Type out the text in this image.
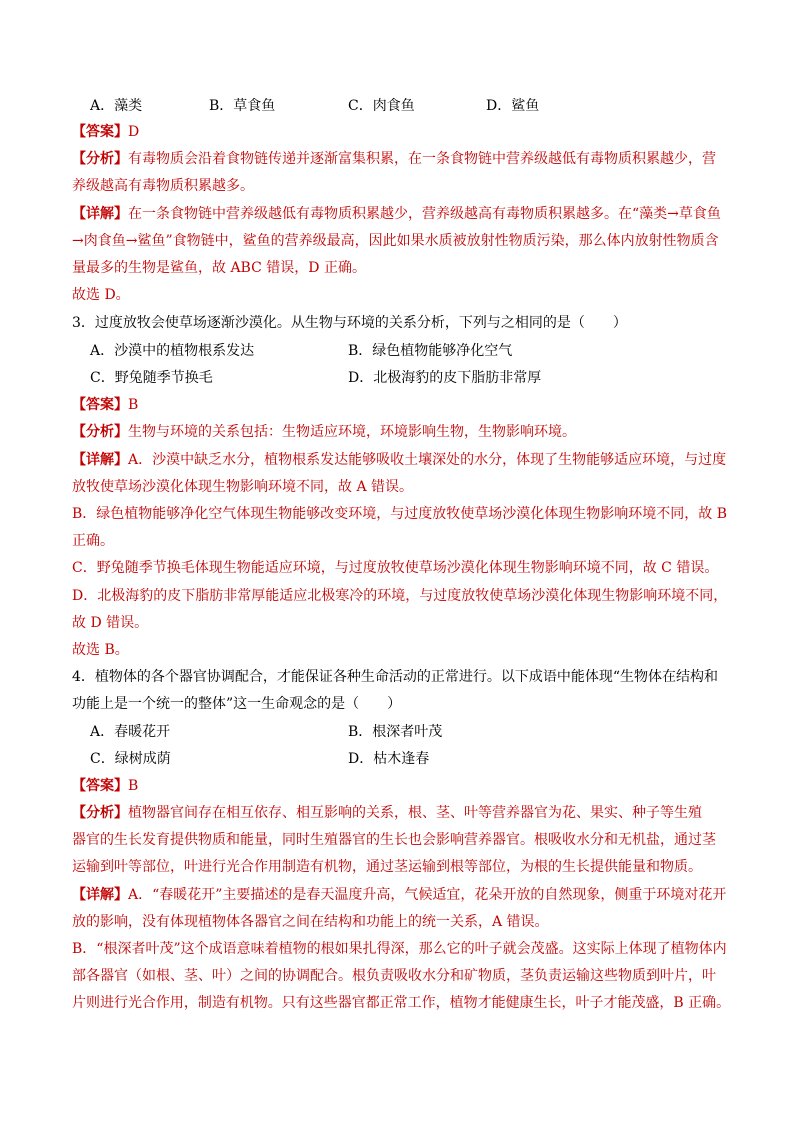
A．藻类	B．草食鱼	C．肉食鱼	D．鲨鱼
【答案】D
【分析】有毒物质会沿着食物链传递并逐渐富集积累，在一条食物链中营养级越低有毒物质积累越少，营
养级越高有毒物质积累越多。
【详解】在一条食物链中营养级越低有毒物质积累越少，营养级越高有毒物质积累越多。在“藻类→草食鱼
→肉食鱼→鲨鱼”食物链中，鲨鱼的营养级最高，因此如果水质被放射性物质污染，那么体内放射性物质含
量最多的生物是鲨鱼，故 ABC 错误，D 正确。
故选 D。
3．过度放牧会使草场逐渐沙漠化。从生物与环境的关系分析，下列与之相同的是（　　）
A．沙漠中的植物根系发达	B．绿色植物能够净化空气
C．野兔随季节换毛	D．北极海豹的皮下脂肪非常厚
【答案】B
【分析】生物与环境的关系包括：生物适应环境，环境影响生物，生物影响环境。
【详解】A．沙漠中缺乏水分，植物根系发达能够吸收土壤深处的水分，体现了生物能够适应环境，与过度
放牧使草场沙漠化体现生物影响环境不同，故 A 错误。
B．绿色植物能够净化空气体现生物能够改变环境，与过度放牧使草场沙漠化体现生物影响环境不同，故 B
正确。
C．野兔随季节换毛体现生物能适应环境，与过度放牧使草场沙漠化体现生物影响环境不同，故 C 错误。
D．北极海豹的皮下脂肪非常厚能适应北极寒冷的环境，与过度放牧使草场沙漠化体现生物影响环境不同，
故 D 错误。
故选 B。
4．植物体的各个器官协调配合，才能保证各种生命活动的正常进行。以下成语中能体现“生物体在结构和
功能上是一个统一的整体”这一生命观念的是（　　）
A．春暖花开	B．根深者叶茂
C．绿树成荫	D．枯木逢春
【答案】B
【分析】植物器官间存在相互依存、相互影响的关系，根、茎、叶等营养器官为花、果实、种子等生殖
器官的生长发育提供物质和能量，同时生殖器官的生长也会影响营养器官。根吸收水分和无机盐，通过茎
运输到叶等部位，叶进行光合作用制造有机物，通过茎运输到根等部位，为根的生长提供能量和物质。
【详解】A．“春暖花开”主要描述的是春天温度升高，气候适宜，花朵开放的自然现象，侧重于环境对花开
放的影响，没有体现植物体各器官之间在结构和功能上的统一关系，A 错误。
B．“根深者叶茂”这个成语意味着植物的根如果扎得深，那么它的叶子就会茂盛。这实际上体现了植物体内
部各器官（如根、茎、叶）之间的协调配合。根负责吸收水分和矿物质，茎负责运输这些物质到叶片，叶
片则进行光合作用，制造有机物。只有这些器官都正常工作，植物才能健康生长，叶子才能茂盛，B 正确。
